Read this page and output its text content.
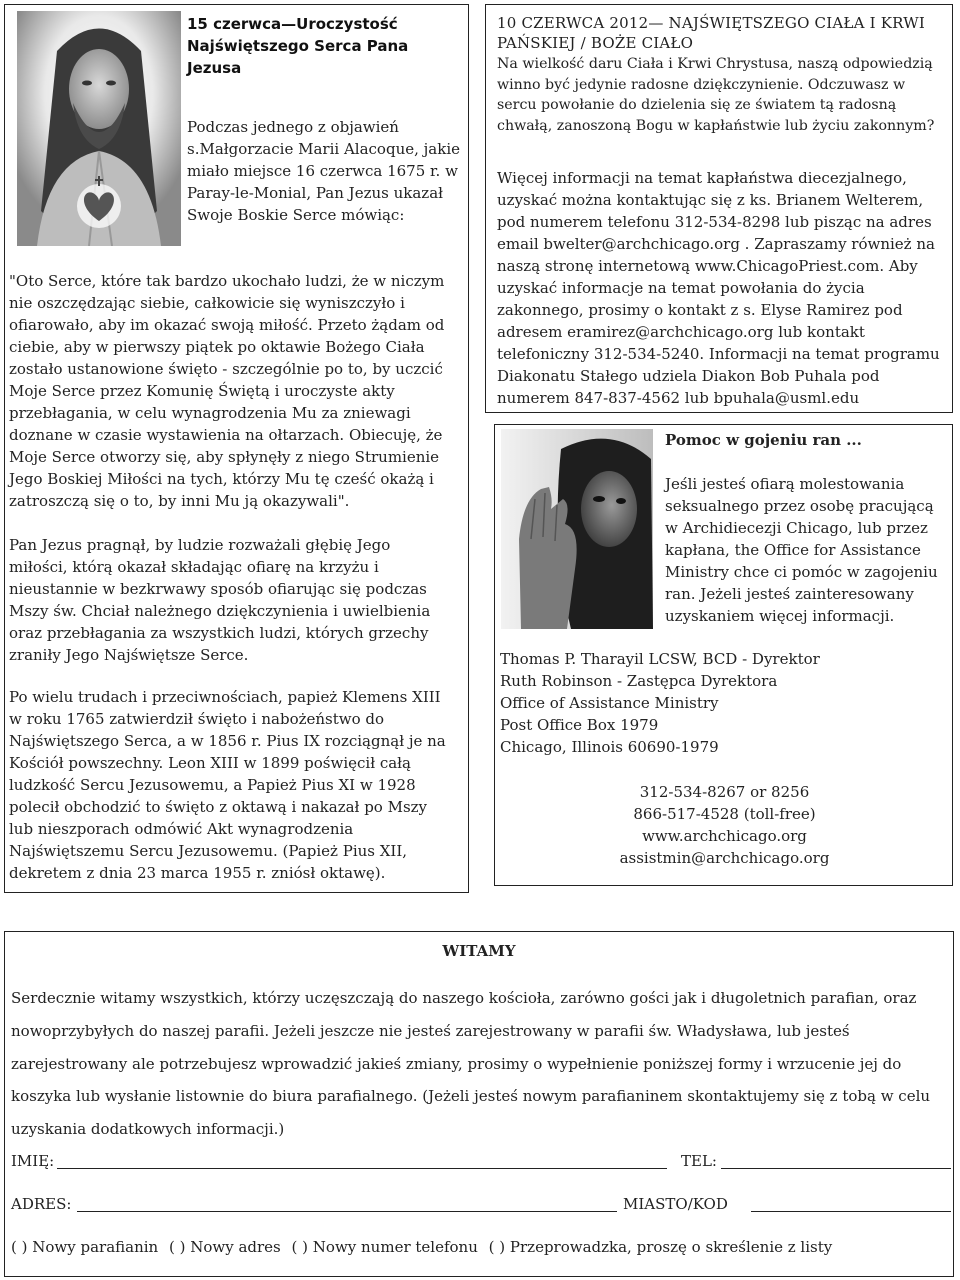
15 czerwca—Uroczystość Najświętszego Serca Pana Jezusa

Podczas jednego z objawień s.Małgorzacie Marii Alacoque, jakie miało miejsce 16 czerwca 1675 r. w Paray-le-Monial, Pan Jezus ukazał Swoje Boskie Serce mówiąc:

"Oto Serce, które tak bardzo ukochało ludzi, że w niczym nie oszczędzając siebie, całkowicie się wyniszczyło i ofiarowało, aby im okazać swoją miłość. Przeto żądam od ciebie, aby w pierwszy piątek po oktawie Bożego Ciała zostało ustanowione święto - szczególnie po to, by uczcić Moje Serce przez Komunię Świętą i uroczyste akty przebłagania, w celu wynagrodzenia Mu za zniewagi doznane w czasie wystawienia na ołtarzach. Obiecuję, że Moje Serce otworzy się, aby spłynęły z niego Strumienie Jego Boskiej Miłości na tych, którzy Mu tę cześć okażą i zatroszczą się o to, by inni Mu ją okazywali".

Pan Jezus pragnął, by ludzie rozważali głębię Jego miłości, którą okazał składając ofiarę na krzyżu i nieustannie w bezkrwawy sposób ofiarując się podczas Mszy św. Chciał należnego dziękczynienia i uwielbienia oraz przebłagania za wszystkich ludzi, których grzechy zraniły Jego Najświętsze Serce.

Po wielu trudach i przeciwnościach, papież Klemens XIII w roku 1765 zatwierdził święto i nabożeństwo do Najświętszego Serca, a w 1856 r. Pius IX rozciągnął je na Kościół powszechny. Leon XIII w 1899 poświęcił całą ludzkość Sercu Jezusowemu, a Papież Pius XI w 1928 polecił obchodzić to święto z oktawą i nakazał po Mszy lub nieszporach odmówić Akt wynagrodzenia Najświętszemu Sercu Jezusowemu. (Papież Pius XII, dekretem z dnia 23 marca 1955 r. zniósł oktawę).

10 CZERWCA 2012— NAJŚWIĘTSZEGO CIAŁA I KRWI PAŃSKIEJ / BOŻE CIAŁO

Na wielkość daru Ciała i Krwi Chrystusa, naszą odpowiedzią winno być jedynie radosne dziękczynienie. Odczuwasz w sercu powołanie do dzielenia się ze światem tą radosną chwałą, zanoszoną Bogu w kapłaństwie lub życiu zakonnym?

Więcej informacji na temat kapłaństwa diecezjalnego, uzyskać można kontaktując się z ks. Brianem Welterem, pod numerem telefonu 312-534-8298 lub pisząc na adres email bwelter@archchicago.org . Zapraszamy również na naszą stronę internetową www.ChicagoPriest.com. Aby uzyskać informacje na temat powołania do życia zakonnego, prosimy o kontakt z s. Elyse Ramirez pod adresem eramirez@archchicago.org lub kontakt telefoniczny 312-534-5240. Informacji na temat programu Diakonatu Stałego udziela Diakon Bob Puhala pod numerem 847-837-4562 lub bpuhala@usml.edu

Pomoc w gojeniu ran ...

Jeśli jesteś ofiarą molestowania seksualnego przez osobę pracującą w Archidiecezji Chicago, lub przez kapłana, the Office for Assistance Ministry chce ci pomóc w zagojeniu ran. Jeżeli jesteś zainteresowany uzyskaniem więcej informacji.

Thomas P. Tharayil LCSW, BCD - Dyrektor
Ruth Robinson - Zastępca Dyrektora
Office of Assistance Ministry
Post Office Box 1979
Chicago, Illinois 60690-1979
312-534-8267 or 8256
866-517-4528 (toll-free)
www.archchicago.org
assistmin@archchicago.org

WITAMY

Serdecznie witamy wszystkich, którzy uczęszczają do naszego kościoła, zarówno gości jak i długoletnich parafian, oraz nowoprzybyłych do naszej parafii. Jeżeli jeszcze nie jesteś zarejestrowany w parafii św. Władysława, lub jesteś zarejestrowany ale potrzebujesz wprowadzić jakieś zmiany, prosimy o wypełnienie poniższej formy i wrzucenie jej do koszyka lub wysłanie listownie do biura parafialnego. (Jeżeli jesteś nowym parafianinem skontaktujemy się z tobą w celu uzyskania dodatkowych informacji.)

IMIĘ:	TEL:
ADRES:	MIASTO/KOD
( ) Nowy parafianin ( ) Nowy adres ( ) Nowy numer telefonu ( ) Przeprowadzka, proszę o skreślenie z listy
